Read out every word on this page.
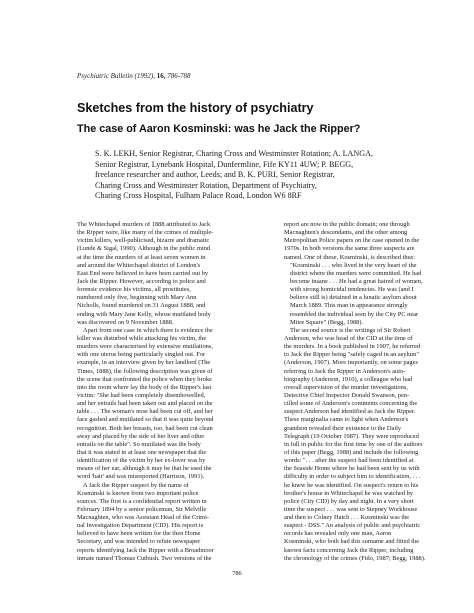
Psychiatric Bulletin (1992), 16, 786-788
Sketches from the history of psychiatry
The case of Aaron Kosminski: was he Jack the Ripper?
S. K. LEKH, Senior Registrar, Charing Cross and Westminster Rotation; A. LANGA,
Senior Registrar, Lynebank Hospital, Dunfermline, Fife KY11 4UW; P. BEGG,
freelance researcher and author, Leeds; and B. K. PURI, Senior Registrar,
Charing Cross and Westminster Rotation, Department of Psychiatry,
Charing Cross Hospital, Fulham Palace Road, London W6 8RF
The Whitechapel murders of 1888 attributed to Jack
the Ripper were, like many of the crimes of multiple-
victim killers, well-publicised, bizarre and dramatic
(Lunde & Sigal, 1990). Although in the public mind
at the time the murders of at least seven women in
and around the Whitechapel district of London's
East End were believed to have been carried out by
Jack the Ripper. However, according to police and
forensic evidence his victims, all prostitutes,
numbered only five, beginning with Mary Ann
Nicholls, found murdered on 31 August 1888, and
ending with Mary Jane Kelly, whose mutilated body
was discovered on 9 November 1888.
Apart from one case in which there is evidence the
killer was disturbed while attacking his victim, the
murders were characterised by extensive mutilations,
with one uterus being particularly singled out. For
example, in an interview given by her landlord (The
Times, 1888), the following description was given of
the scene that confronted the police when they broke
into the room where lay the body of the Ripper's last
victim: "She had been completely disembowelled,
and her entrails had been taken out and placed on the
table . . . The woman's nose had been cut off, and her
face gashed and mutilated so that it was quite beyond
recognition. Both her breasts, too, had been cut clean
away and placed by the side of her liver and other
entrails on the table". So mutilated was the body
that it was stated in at least one newspaper that the
identification of the victim by her ex-lover was by
means of her ear, although it may be that he used the
word 'hair' and was misreported (Harrison, 1991).
A Jack the Ripper suspect by the name of
Kosminski is known from two important police
sources. The first is a confidential report written in
February 1894 by a senior policeman, Sir Melville
Macnaghten, who was Assistant Head of the Crimi-
nal Investigation Department (CID). His report is
believed to have been written for the then Home
Secretary, and was intended to refute newspaper
reports identifying Jack the Ripper with a Broadmoor
inmate named Thomas Cutbush. Two versions of the
report are now in the public domain; one through
Macnaghten's descendants, and the other among
Metropolitan Police papers on the case opened in the
1970s. In both versions the same three suspects are
named. One of these, Kosminski, is described thus:
"Kosminski . . . who lived in the very heart of the
district where the murders were committed. He had
become insane . . . He had a great hatred of women,
with strong homicidal tendencies. He was (and I
believe still is) detained in a lunatic asylum about
March 1889. This man in appearance strongly
resembled the individual seen by the City PC near
Mitre Square" (Begg, 1988).
The second source is the writings of Sir Robert
Anderson, who was head of the CID at the time of
the murders. In a book published in 1907, he referred
to Jack the Ripper being "safely caged in an asylum"
(Anderson, 1907). More importantly, on some pages
referring to Jack the Ripper in Anderson's auto-
biography (Anderson, 1910), a colleague who had
overall supervision of the murder investigations,
Detective Chief Inspector Donald Swanson, pen-
cilled some of Anderson's comments concerning the
suspect Anderson had identified as Jack the Ripper.
These marginalia came to light when Anderson's
grandson revealed their existence to the Daily
Telegraph (19 October 1987). They were reproduced
in full in public for the first time by one of the authors
of this paper (Begg, 1988) and include the following
words: ". . . after the suspect had been identified at
the Seaside Home where he had been sent by us with
difficulty in order to subject him to identification, . . .
he knew he was identified. On suspect's return to his
brother's house in Whitechapel he was watched by
police (City CID) by day and night. In a very short
time the suspect . . . was sent to Stepney Workhouse
and then to Colney Hatch . . . Kosminski was the
suspect - DSS." An analysis of public and psychiatric
records has revealed only one man, Aaron
Kosminski, who both had this surname and fitted the
known facts concerning Jack the Ripper, including
the chronology of the crimes (Fido, 1987; Begg, 1988).
786
